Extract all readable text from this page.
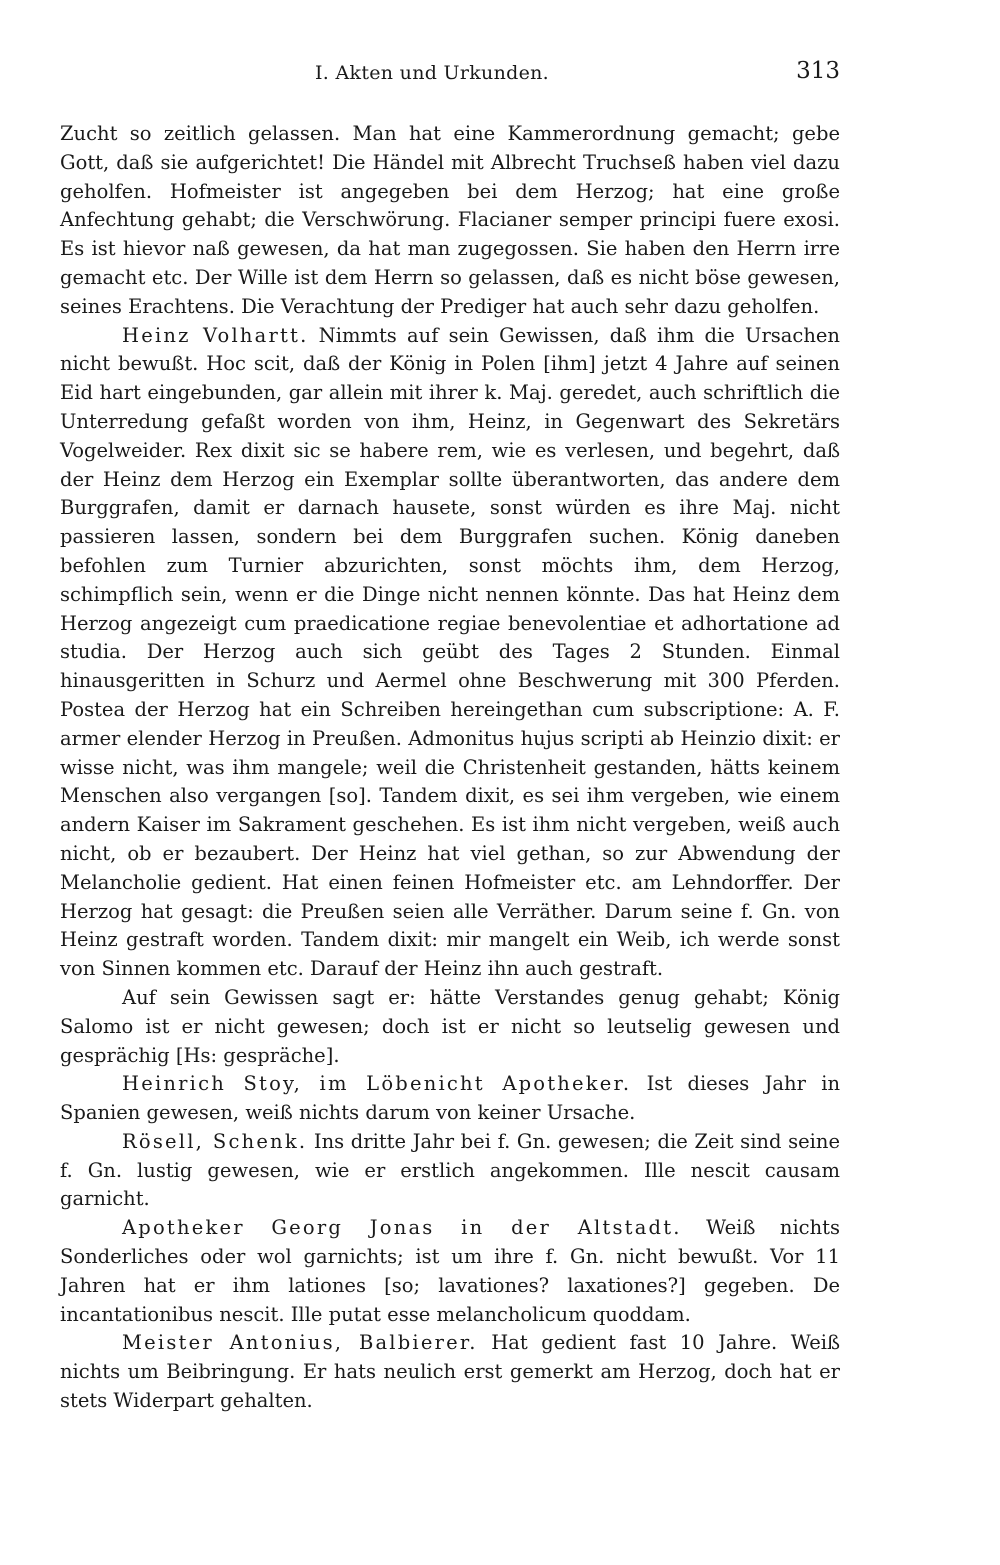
I. Akten und Urkunden.	313

Zucht so zeitlich gelassen. Man hat eine Kammerordnung gemacht; gebe Gott, daß sie aufgerichtet! Die Händel mit Albrecht Truchseß haben viel dazu geholfen. Hofmeister ist angegeben bei dem Herzog; hat eine große Anfechtung gehabt; die Verschwörung. Flacianer semper principi fuere exosi. Es ist hievor naß gewesen, da hat man zugegossen. Sie haben den Herrn irre gemacht etc. Der Wille ist dem Herrn so gelassen, daß es nicht böse gewesen, seines Erachtens. Die Verachtung der Prediger hat auch sehr dazu geholfen.

Heinz Volhartt. Nimmts auf sein Gewissen, daß ihm die Ursachen nicht bewußt. Hoc scit, daß der König in Polen [ihm] jetzt 4 Jahre auf seinen Eid hart eingebunden, gar allein mit ihrer k. Maj. geredet, auch schriftlich die Unterredung gefaßt worden von ihm, Heinz, in Gegenwart des Sekretärs Vogelweider. Rex dixit sic se habere rem, wie es verlesen, und begehrt, daß der Heinz dem Herzog ein Exemplar sollte überantworten, das andere dem Burggrafen, damit er darnach hausete, sonst würden es ihre Maj. nicht passieren lassen, sondern bei dem Burggrafen suchen. König daneben befohlen zum Turnier abzurichten, sonst möchts ihm, dem Herzog, schimpflich sein, wenn er die Dinge nicht nennen könnte. Das hat Heinz dem Herzog angezeigt cum praedicatione regiae benevolentiae et adhortatione ad studia. Der Herzog auch sich geübt des Tages 2 Stunden. Einmal hinausgeritten in Schurz und Aermel ohne Beschwerung mit 300 Pferden. Postea der Herzog hat ein Schreiben hereingethan cum subscriptione: A. F. armer elender Herzog in Preußen. Admonitus hujus scripti ab Heinzio dixit: er wisse nicht, was ihm mangele; weil die Christenheit gestanden, hätts keinem Menschen also vergangen [so]. Tandem dixit, es sei ihm vergeben, wie einem andern Kaiser im Sakrament geschehen. Es ist ihm nicht vergeben, weiß auch nicht, ob er bezaubert. Der Heinz hat viel gethan, so zur Abwendung der Melancholie gedient. Hat einen feinen Hofmeister etc. am Lehndorffer. Der Herzog hat gesagt: die Preußen seien alle Verräther. Darum seine f. Gn. von Heinz gestraft worden. Tandem dixit: mir mangelt ein Weib, ich werde sonst von Sinnen kommen etc. Darauf der Heinz ihn auch gestraft.

Auf sein Gewissen sagt er: hätte Verstandes genug gehabt; König Salomo ist er nicht gewesen; doch ist er nicht so leutselig gewesen und gesprächig [Hs: gespräche].

Heinrich Stoy, im Löbenicht Apotheker. Ist dieses Jahr in Spanien gewesen, weiß nichts darum von keiner Ursache.

Rösell, Schenk. Ins dritte Jahr bei f. Gn. gewesen; die Zeit sind seine f. Gn. lustig gewesen, wie er erstlich angekommen. Ille nescit causam garnicht.

Apotheker Georg Jonas in der Altstadt. Weiß nichts Sonderliches oder wol garnichts; ist um ihre f. Gn. nicht bewußt. Vor 11 Jahren hat er ihm lationes [so; lavationes? laxationes?] gegeben. De incantationibus nescit. Ille putat esse melancholicum quoddam.

Meister Antonius, Balbierer. Hat gedient fast 10 Jahre. Weiß nichts um Beibringung. Er hats neulich erst gemerkt am Herzog, doch hat er stets Widerpart gehalten.
